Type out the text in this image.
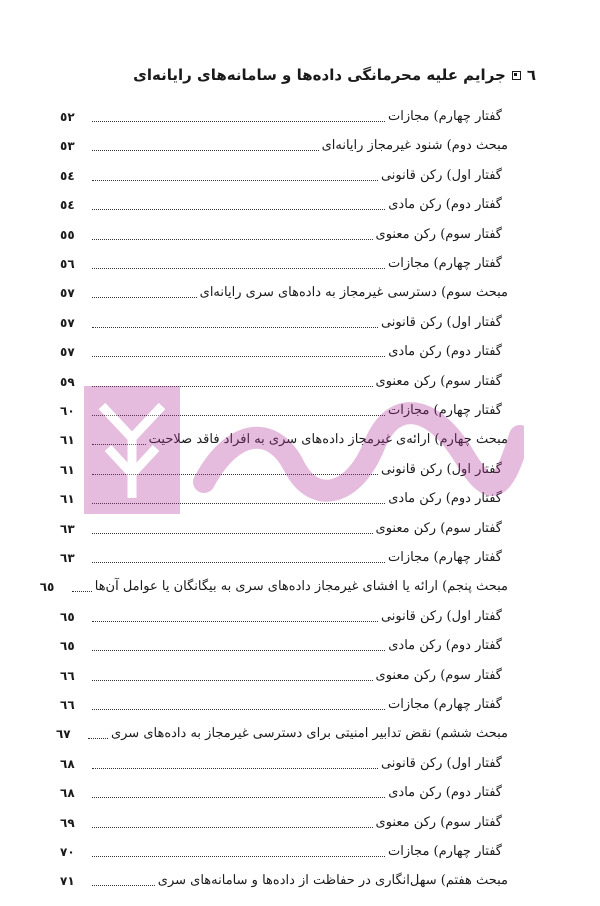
٦
جرایم علیه محرمانگی داده‌ها و سامانه‌های رایانه‌ای
گفتار چهارم) مجازات
٥٢
مبحث دوم) شنود غیرمجاز رایانه‌ای
٥٣
گفتار اول) رکن قانونی
٥٤
گفتار دوم) رکن مادی
٥٤
گفتار سوم) رکن معنوی
٥٥
گفتار چهارم) مجازات
٥٦
مبحث سوم) دسترسی غیرمجاز به داده‌های سری رایانه‌ای
٥٧
گفتار اول) رکن قانونی
٥٧
گفتار دوم) رکن مادی
٥٧
گفتار سوم) رکن معنوی
٥٩
گفتار چهارم) مجازات
٦٠
مبحث چهارم) ارائه‌ی غیرمجاز داده‌های سری به افراد فاقد صلاحیت
٦١
گفتار اول) رکن قانونی
٦١
گفتار دوم) رکن مادی
٦١
گفتار سوم) رکن معنوی
٦٣
گفتار چهارم) مجازات
٦٣
مبحث پنجم) ارائه یا افشای غیرمجاز داده‌های سری به بیگانگان یا عوامل آن‌ها
٦٥
گفتار اول) رکن قانونی
٦٥
گفتار دوم) رکن مادی
٦٥
گفتار سوم) رکن معنوی
٦٦
گفتار چهارم) مجازات
٦٦
مبحث ششم) نقض تدابیر امنیتی برای دسترسی غیرمجاز به داده‌های سری
٦٧
گفتار اول) رکن قانونی
٦٨
گفتار دوم) رکن مادی
٦٨
گفتار سوم) رکن معنوی
٦٩
گفتار چهارم) مجازات
٧٠
مبحث هفتم) سهل‌انگاری در حفاظت از داده‌ها و سامانه‌های سری
٧١
